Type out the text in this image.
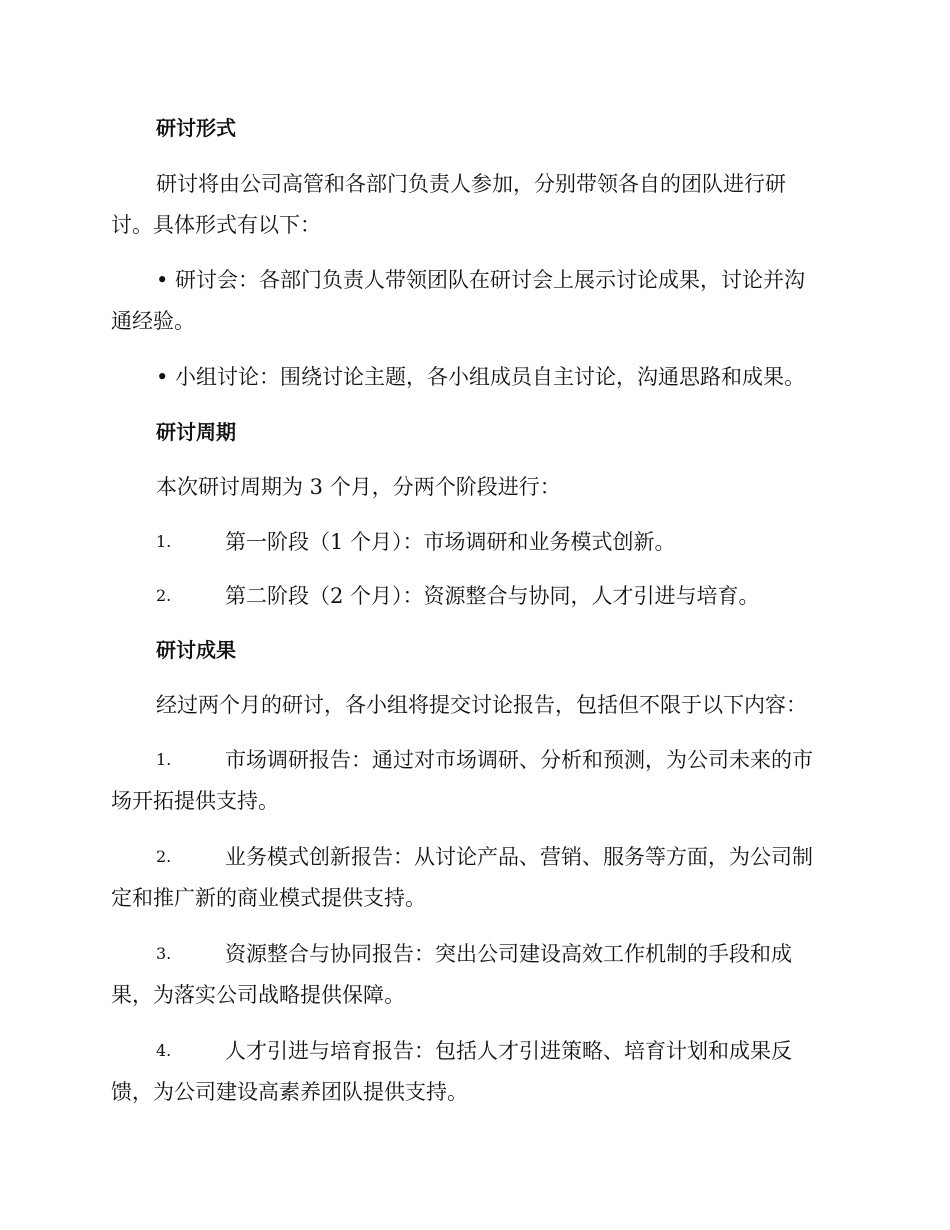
研讨形式
研讨将由公司高管和各部门负责人参加，分别带领各自的团队进行研
讨。具体形式有以下：
• 研讨会：各部门负责人带领团队在研讨会上展示讨论成果，讨论并沟
通经验。
• 小组讨论：围绕讨论主题，各小组成员自主讨论，沟通思路和成果。
研讨周期
本次研讨周期为 3 个月，分两个阶段进行：
1.	第一阶段（1 个月）：市场调研和业务模式创新。
2.	第二阶段（2 个月）：资源整合与协同，人才引进与培育。
研讨成果
经过两个月的研讨，各小组将提交讨论报告，包括但不限于以下内容：
1.	市场调研报告：通过对市场调研、分析和预测，为公司未来的市
场开拓提供支持。
2.	业务模式创新报告：从讨论产品、营销、服务等方面，为公司制
定和推广新的商业模式提供支持。
3.	资源整合与协同报告：突出公司建设高效工作机制的手段和成
果，为落实公司战略提供保障。
4.	人才引进与培育报告：包括人才引进策略、培育计划和成果反
馈，为公司建设高素养团队提供支持。
